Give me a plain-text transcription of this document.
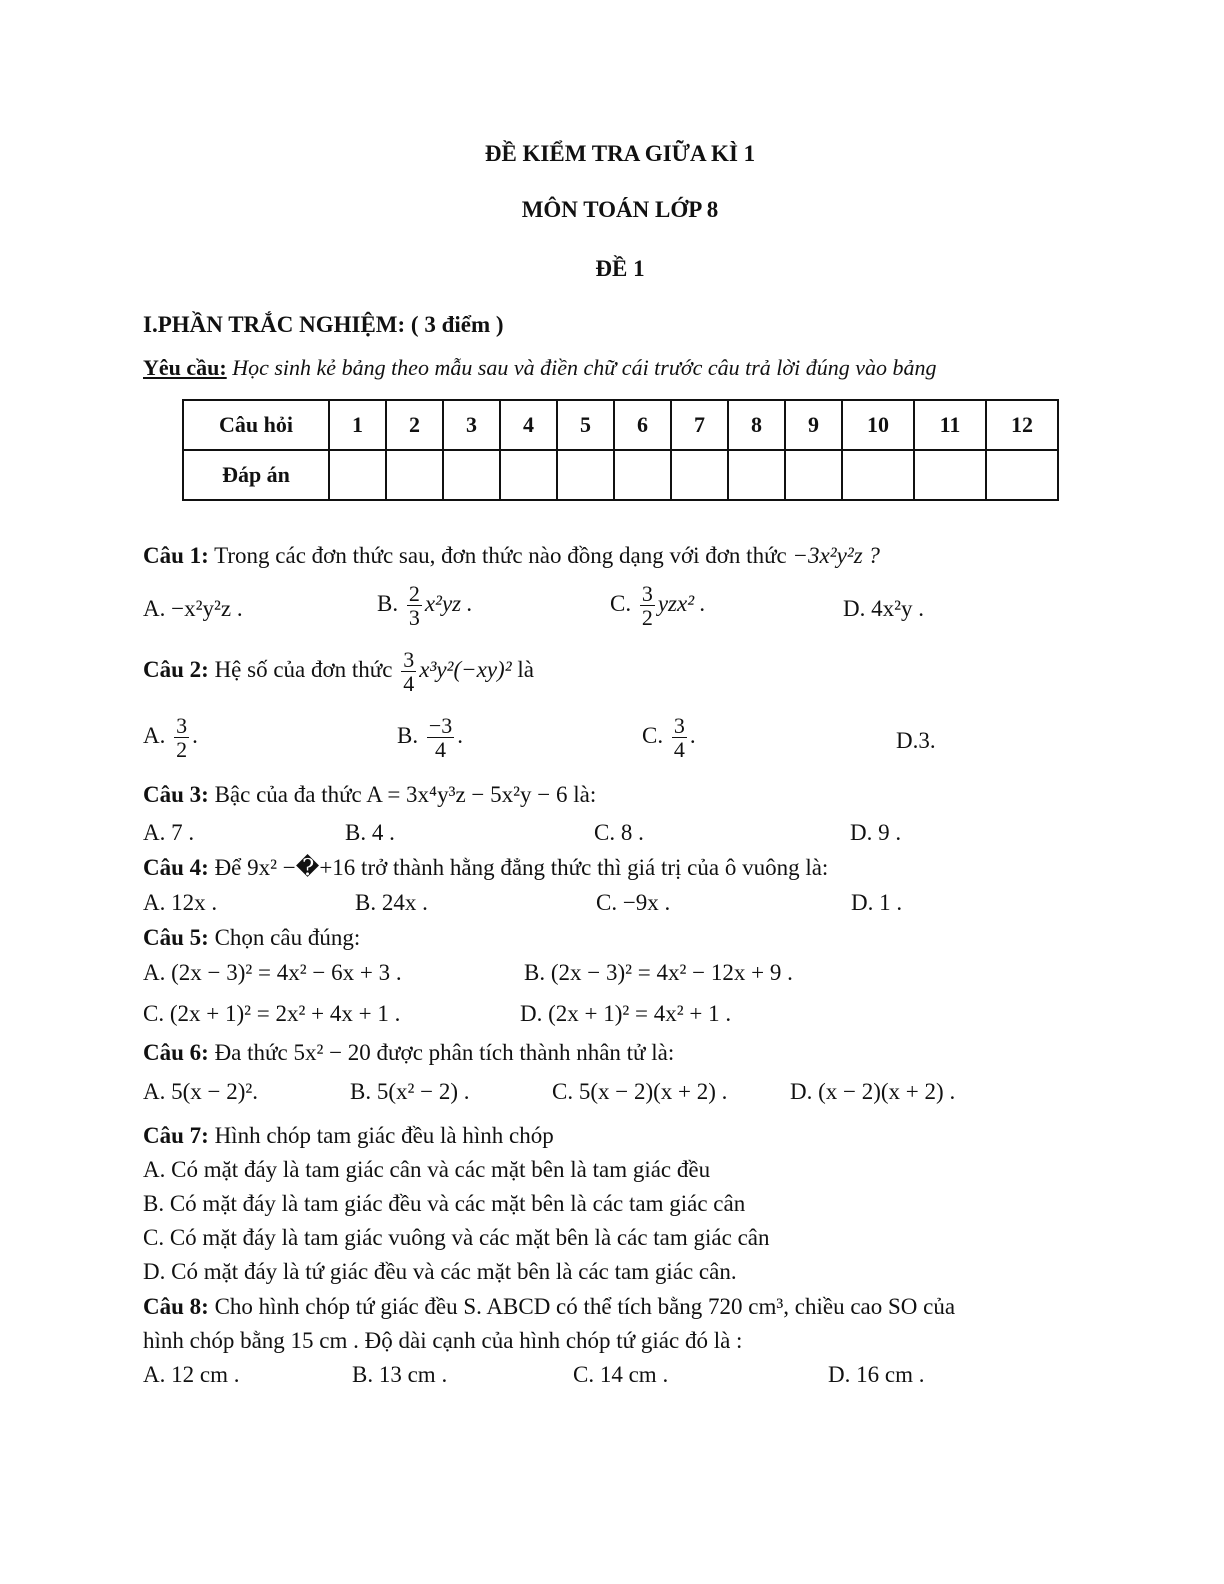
ĐỀ KIỂM TRA GIỮA KÌ 1
MÔN TOÁN LỚP 8
ĐỀ 1
I.PHẦN TRẮC NGHIỆM: ( 3 điểm )
Yêu cầu: Học sinh kẻ bảng theo mẫu sau và điền chữ cái trước câu trả lời đúng vào bảng
Câu hỏi	1	2	3	4	5	6	7	8	9	10	11	12
Đáp án												
Câu 1: Trong các đơn thức sau, đơn thức nào đồng dạng với đơn thức −3x²y²z ?
A. −x²y²z .	B. $\frac{2}{3} x^2yz$ .	C. $\frac{3}{2} yzx^2$ .	D. 4x²y .
Câu 2: Hệ số của đơn thức $\frac{3}{4} x^3y^2(-xy)^2$ là
A. $\frac{3}{2}$ .	B. $\frac{-3}{4}$ .	C. $\frac{3}{4}$ .	D.3.
Câu 3: Bậc của đa thức A = 3x⁴y³z − 5x²y − 6 là:
A. 7 .	B. 4 .	C. 8 .	D. 9 .
Câu 4: Để 9x² −�+16 trở thành hằng đẳng thức thì giá trị của ô vuông là:
A. 12x .	B. 24x .	C. −9x .	D. 1 .
Câu 5: Chọn câu đúng:
A. (2x − 3)² = 4x² − 6x + 3 .	B. (2x − 3)² = 4x² − 12x + 9 .
C. (2x + 1)² = 2x² + 4x + 1 .	D. (2x + 1)² = 4x² + 1 .
Câu 6: Đa thức 5x² − 20 được phân tích thành nhân tử là:
A. 5(x − 2)².	B. 5(x² − 2) .	C. 5(x − 2)(x + 2) .	D. (x − 2)(x + 2) .
Câu 7: Hình chóp tam giác đều là hình chóp
A. Có mặt đáy là tam giác cân và các mặt bên là tam giác đều
B. Có mặt đáy là tam giác đều và các mặt bên là các tam giác cân
C. Có mặt đáy là tam giác vuông và các mặt bên là các tam giác cân
D. Có mặt đáy là tứ giác đều và các mặt bên là các tam giác cân.
Câu 8: Cho hình chóp tứ giác đều S. ABCD có thể tích bằng 720 cm³, chiều cao SO của
hình chóp bằng 15 cm . Độ dài cạnh của hình chóp tứ giác đó là :
A. 12 cm .	B. 13 cm .	C. 14 cm .	D. 16 cm .
